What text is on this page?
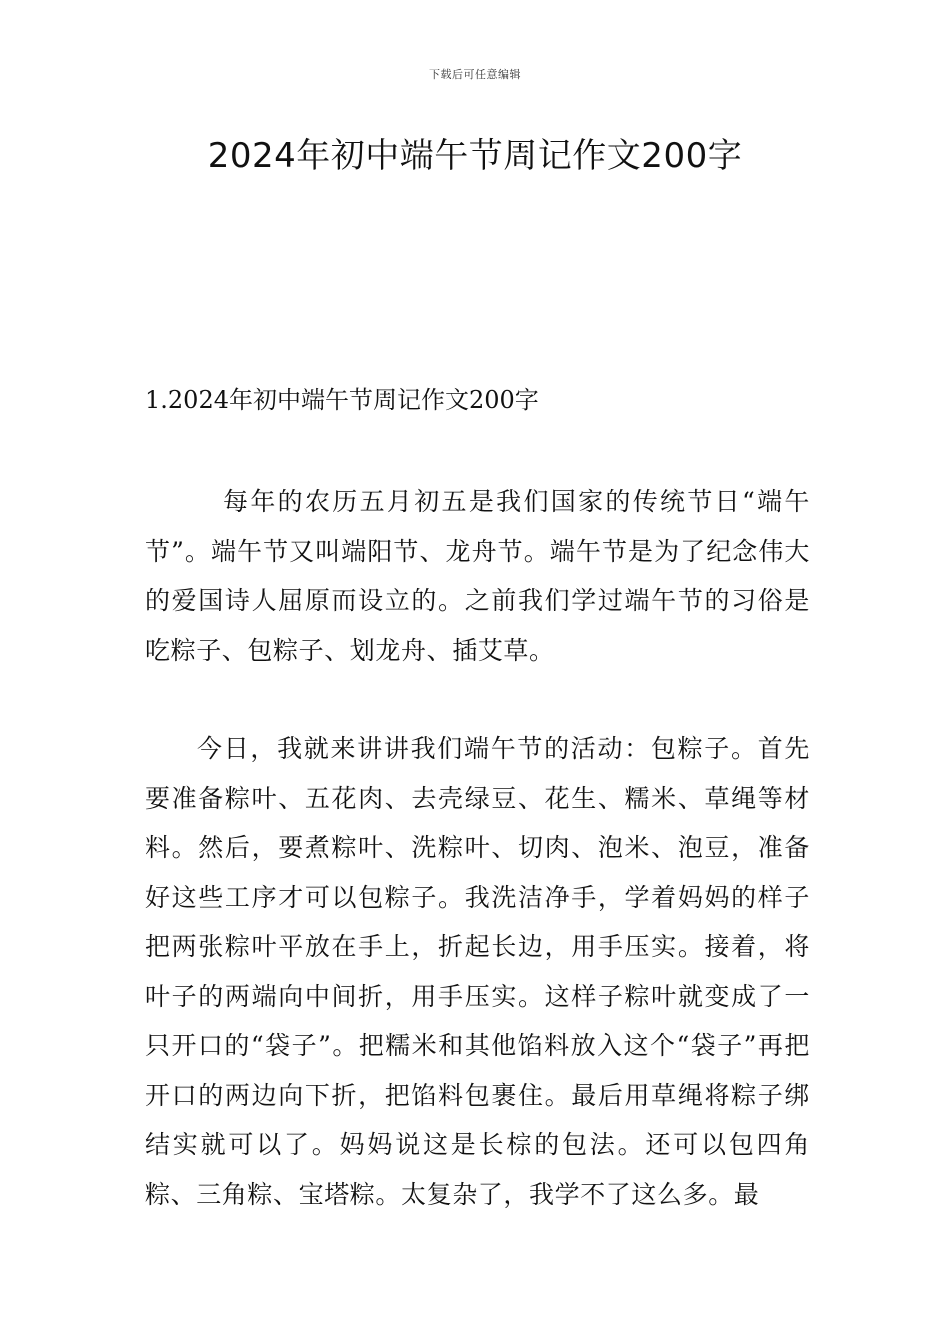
下载后可任意编辑
2024年初中端午节周记作文200字
1.2024年初中端午节周记作文200字

每年的农历五月初五是我们国家的传统节日“端午节”。端午节又叫端阳节、龙舟节。端午节是为了纪念伟大的爱国诗人屈原而设立的。之前我们学过端午节的习俗是吃粽子、包粽子、划龙舟、插艾草。

今日，我就来讲讲我们端午节的活动：包粽子。首先要准备粽叶、五花肉、去壳绿豆、花生、糯米、草绳等材料。然后，要煮粽叶、洗粽叶、切肉、泡米、泡豆，准备好这些工序才可以包粽子。我洗洁净手，学着妈妈的样子把两张粽叶平放在手上，折起长边，用手压实。接着，将叶子的两端向中间折，用手压实。这样子粽叶就变成了一只开口的“袋子”。把糯米和其他馅料放入这个“袋子”再把开口的两边向下折，把馅料包裹住。最后用草绳将粽子绑结实就可以了。妈妈说这是长棕的包法。还可以包四角粽、三角粽、宝塔粽。太复杂了，我学不了这么多。最
